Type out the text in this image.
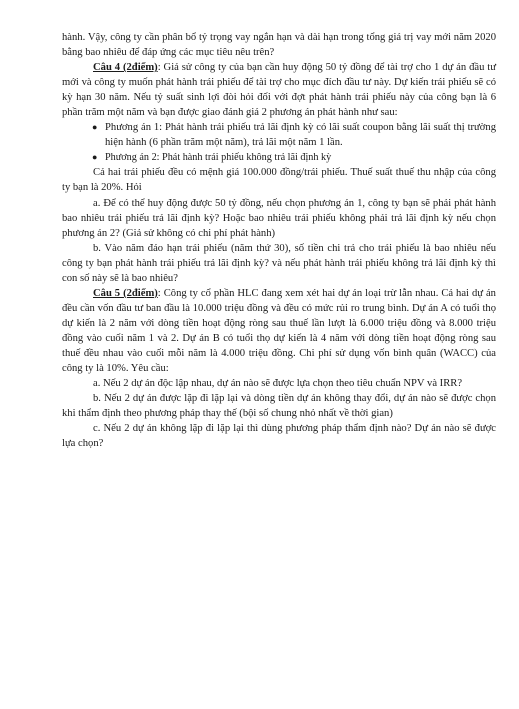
hành. Vậy, công ty cần phân bổ tỷ trọng vay ngắn hạn và dài hạn trong tổng giá trị vay mới năm 2020 bằng bao nhiêu để đáp ứng các mục tiêu nêu trên?

Câu 4 (2điểm): Giả sử công ty của bạn cần huy động 50 tỷ đồng để tài trợ cho 1 dự án đầu tư mới và công ty muốn phát hành trái phiếu để tài trợ cho mục đích đầu tư này. Dự kiến trái phiếu sẽ có kỳ hạn 30 năm. Nếu tỷ suất sinh lợi đòi hỏi đối với đợt phát hành trái phiếu này của công bạn là 6 phần trăm một năm và bạn được giao đánh giá 2 phương án phát hành như sau:

● Phương án 1: Phát hành trái phiếu trả lãi định kỳ có lãi suất coupon bằng lãi suất thị trường hiện hành (6 phần trăm một năm), trả lãi một năm 1 lần.
● Phương án 2: Phát hành trái phiếu không trả lãi định kỳ

Cả hai trái phiếu đều có mệnh giá 100.000 đồng/trái phiếu. Thuế suất thuế thu nhập của công ty bạn là 20%. Hỏi

a. Để có thể huy động được 50 tỷ đồng, nếu chọn phương án 1, công ty bạn sẽ phải phát hành bao nhiêu trái phiếu trả lãi định kỳ? Hoặc bao nhiêu trái phiếu không phải trả lãi định kỳ nếu chọn phương án 2? (Giả sử không có chi phí phát hành)

b. Vào năm đáo hạn trái phiếu (năm thứ 30), số tiền chi trả cho trái phiếu là bao nhiêu nếu công ty bạn phát hành trái phiếu trả lãi định kỳ? và nếu phát hành trái phiếu không trả lãi định kỳ thì con số này sẽ là bao nhiêu?

Câu 5 (2điểm): Công ty cổ phần HLC đang xem xét hai dự án loại trừ lẫn nhau. Cả hai dự án đều cần vốn đầu tư ban đầu là 10.000 triệu đồng và đều có mức rủi ro trung bình. Dự án A có tuổi thọ dự kiến là 2 năm với dòng tiền hoạt động ròng sau thuế lần lượt là 6.000 triệu đồng và 8.000 triệu đồng vào cuối năm 1 và 2. Dự án B có tuổi thọ dự kiến là 4 năm với dòng tiền hoạt động ròng sau thuế đều nhau vào cuối mỗi năm là 4.000 triệu đồng. Chi phí sử dụng vốn bình quân (WACC) của công ty là 10%. Yêu cầu:

a. Nếu 2 dự án độc lập nhau, dự án nào sẽ được lựa chọn theo tiêu chuẩn NPV và IRR?

b. Nếu 2 dự án được lặp đi lặp lại và dòng tiền dự án không thay đổi, dự án nào sẽ được chọn khi thẩm định theo phương pháp thay thế (bội số chung nhỏ nhất về thời gian)

c. Nếu 2 dự án không lặp đi lặp lại thì dùng phương pháp thẩm định nào? Dự án nào sẽ được lựa chọn?
